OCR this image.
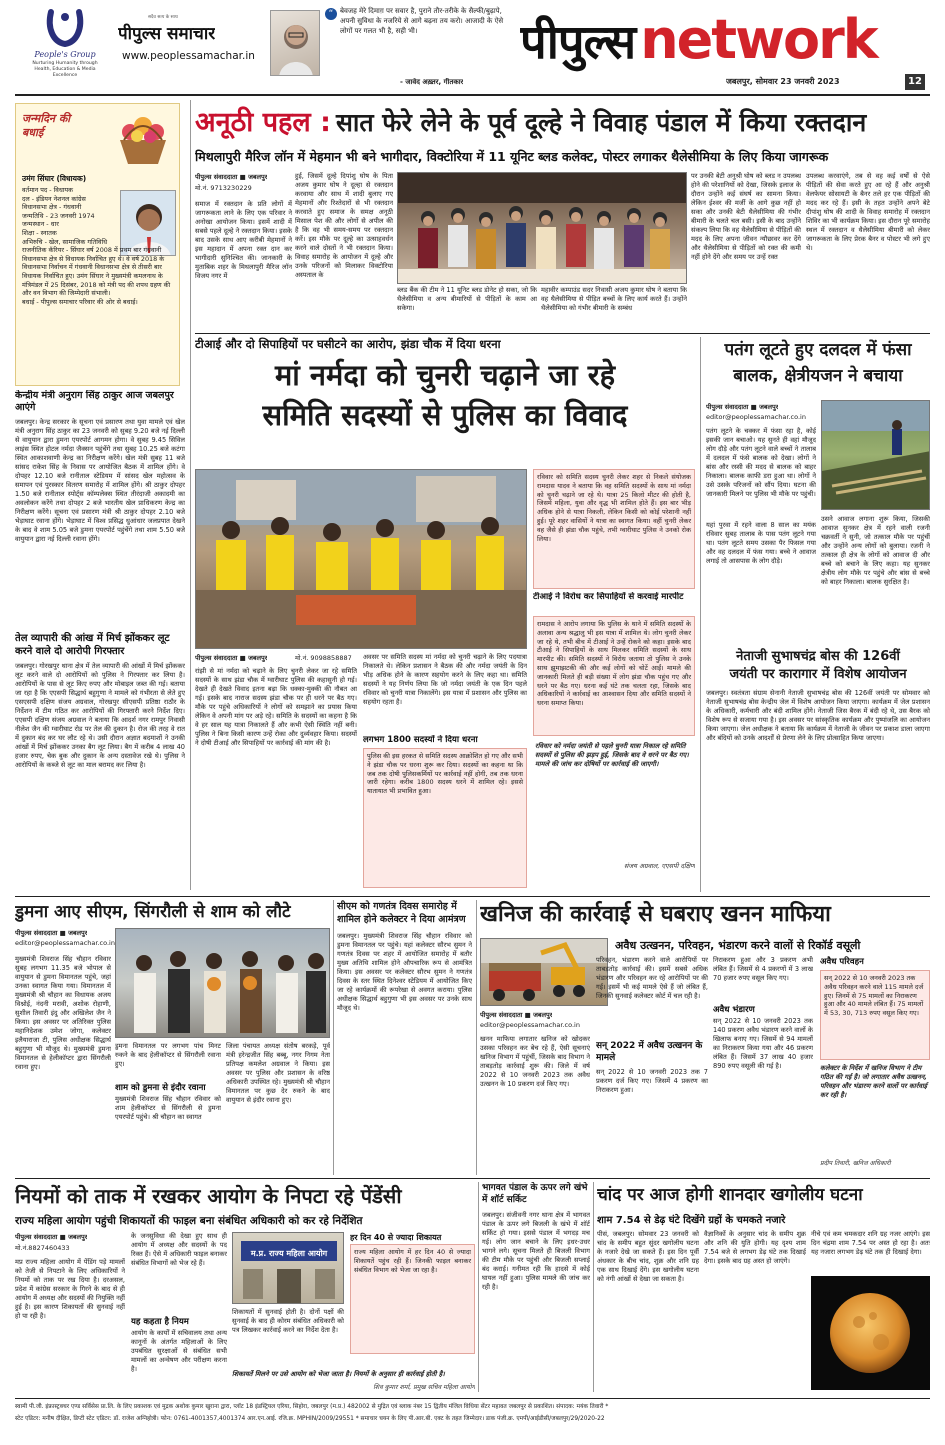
People's Group
Nurturing Humanity through Health, Education & Media Excellence
सदैव सत्य के साथ
पीपुल्स समाचार
www.peoplessamachar.in
“ बेवजह मेरे दिमाग़ पर सवार है, पुराने तौर-तरीके के सैल्फी/बुढ़ापे, अपनी सुविधा के नजरिये से आगे बढ़ना तय करो। आजादी के ऐसे लोगों पर गलत भी है, सही भी।
- जावेद अख़्तर, गीतकार
पीपुल्स network
जबलपुर, सोमवार 23 जनवरी 2023	12
जन्मदिन की बधाई
उमंग सिंघार (विधायक)
वर्तमान पद - विधायक
दल - इंडियन नेशनल कांग्रेस
विधानसभा क्षेत्र - गंधवानी
जन्मतिथि - 23 जनवरी 1974
जन्मस्थान - धार
शिक्षा - स्नातक
अभिरुचि - खेल, सामाजिक गतिविधि
राजनीतिक कॅरियर - सिंघार वर्ष 2008 में प्रथम बार गंधवानी विधानसभा क्षेत्र से विधायक निर्वाचित हुए थे। वे वर्ष 2018 के विधानसभा निर्वाचन में गंधवानी विधानसभा क्षेत्र से तीसरी बार विधायक निर्वाचित हुए। उमंग सिंघार ने मुख्यमंत्री कमलनाथ के मंत्रिमंडल में 25 दिसंबर, 2018 को मंत्री पद की शपथ ग्रहण की और वन विभाग की जिम्मेदारी संभाली।
बधाई - पीपुल्स समाचार परिवार की ओर से बधाई।
केन्द्रीय मंत्री अनुराग सिंह ठाकुर आज जबलपुर आएंगे
जबलपुर। केन्द्र सरकार के सूचना एवं प्रसारण तथा युवा मामले एवं खेल मंत्री अनुराग सिंह ठाकुर का 23 जनवरी को सुबह 9.20 बजे नई दिल्ली से वायुयान द्वारा डुमना एयरपोर्ट आगमन होगा। वे सुबह 9.45 सिविल लाइंस स्थित होटल नर्मदा जैक्सन पहुंचेंगे तथा सुबह 10.25 बजे कटंगा स्थित आकाशवाणी केन्द्र का निरीक्षण करेंगे। खेल मंत्री सुबह 11 बजे सांसद राकेश सिंह के निवास पर आयोजित बैठक में शामिल होंगे। वे दोपहर 12.10 बजे रानीताल स्टेडियम में सांसद खेल महोत्सव के समापन एवं पुरस्कार वितरण समारोह में शामिल होंगे। श्री ठाकुर दोपहर 1.50 बजे रानीताल स्पोर्ट्स कॉम्पलेक्स स्थित तीरंदाजी अकादमी का अवलोकन करेंगे तथा दोपहर 2 बजे भारतीय खेल प्राधिकरण केन्द्र का निरीक्षण करेंगे। सूचना एवं प्रसारण मंत्री श्री ठाकुर दोपहर 2.10 बजे भेड़ाघाट रवाना होंगे। भेड़ाघाट में विश्व प्रसिद्ध धुआंधार जलप्रपात देखने के बाद वे शाम 5.05 बजे डुमना एयरपोर्ट पहुंचेंगे तथा शाम 5.50 बजे वायुयान द्वारा नई दिल्ली रवाना होंगे।
तेल व्यापारी की आंख में मिर्च झोंककर लूट करने वाले दो आरोपी गिरफ्तार
जबलपुर। गोरखपुर थाना क्षेत्र में तेल व्यापारी की आंखों में मिर्च झोंककर लूट करने वाले दो आरोपियों को पुलिस ने गिरफ्तार कर लिया है। आरोपियों के पास से लूट किए रुपए और मोबाइल जब्त की गई। बताया जा रहा है कि एएसपी सिद्धार्थ बहुगुणा ने मामले को गंभीरता से लेते हुए एसएसपी दक्षिण संजय अग्रवाल, गोरखपुर सीएसपी प्रतिष्ठा राठौर के निर्देशन में टीम गठित कर आरोपियों की गिरफ्तारी करने निर्देश दिए। एएसपी दक्षिण संजय अग्रवाल ने बताया कि आदर्श नगर रामपुर निवासी नीलेश जैन की ग्वारीघाट रोड पर तेल की दुकान है। रोज की तरह वे रात में दुकान बंद कर घर लौट रहे थे। उसी दौरान अज्ञात बदमाशों ने उनकी आंखों में मिर्च झोंककर उनका बैग लूट लिया। बैग में करीब 4 लाख 40 हजार रुपए, चेक बुक और दुकान के अन्य दस्तावेज रखे थे। पुलिस ने आरोपियों के कब्जे से लूट का माल बरामद कर लिया है।
अनूठी पहल : सात फेरे लेने के पूर्व दूल्हे ने विवाह पंडाल में किया रक्तदान
मिथलापुरी मैरिज लॉन में मेहमान भी बने भागीदार, विक्टोरिया में 11 यूनिट ब्लड कलेक्ट, पोस्टर लगाकर थैलेसीमिया के लिए किया जागरूक
पीपुल्स संवाददाता ■ जबलपुर
मो.नं. 9713230229
समाज में रक्तदान के प्रति लोगों में जागरूकता लाने के लिए एक परिवार ने अनोखा आयोजन किया। इसमें शादी में सबसे पहले दूल्हे ने रक्तदान किया। इसके बाद उसके साथ आए करीबी मेहमानों ने इस महादान में अपना रक्त दान कर भागीदारी सुनिश्चित की। जानकारी के मुताबिक शहर के मिथलापुरी मैरिज लॉन विजय नगर में
हुई, जिसमें दूल्हे दिपांशु घोष के पिता अजय कुमार घोष ने दूल्हा से रक्तदान करवाया और साथ में शादी बुलाए गए मेहमानों और रिश्तेदारों से भी रक्तदान करवाते हुए समाज के समक्ष अनूठी मिसाल पेश की और लोगों से अपील की है कि वह भी समय-समय पर रक्तदान करें। इस मौके पर दूल्हे का उत्साहवर्धन करने वाले दोस्तों ने भी रक्तदान किया। विवाह समारोह के आयोजन में दूल्हे और उनके परिजनों को मिलाकर विक्टोरिया अस्पताल के
ब्लड बैंक की टीम ने 11 यूनिट ब्लड डोनेट हो सका, जो कि थैलेसीमिया व अन्य बीमारियों से पीड़ितों के काम आ सकेगा।
महावीर कम्पाउंड सदर निवासी अजय कुमार घोष ने बताया कि वह थैलेसीमिया से पीड़ित बच्चों के लिए कार्य करते हैं। उन्होंने थैलेसीमिया को गंभीर बीमारी के सम्बंध
पर उनकी बेटी अनुश्री घोष को ब्लड न उपलब्ध होने की परेशानियों को देखा, जिसके इलाज के दौरान उन्होंने कई संघर्ष का सामना किया। लेकिन ईश्वर की मर्जी के आगे कुछ नहीं हो सका और उनकी बेटी थैलेसीमिया की गंभीर बीमारी के चलते चल बसी। इसी के बाद उन्होंने संकल्प लिया कि वह थैलेसीमिया से पीड़ितों की मदद के लिए अपना जीवन न्यौछावर कर देंगे और थैलेसीमिया से पीड़ितों को रक्त की कमी नहीं होने देंगे और समय पर उन्हें रक्त
उपलब्ध करवाएंगे, तब से वह कई वर्षों से ऐसे पीड़ितों की सेवा करते हुए आ रहे हैं और अनुश्री वेलफेयर सोसायटी के बैनर तले हर एक पीड़ितों की मदद कर रहे हैं। इसी के तहत उन्होंने अपने बेटे दीपांशु घोष की शादी के विवाह समारोह में रक्तदान शिविर का भी कार्यक्रम किया। इस दौरान पूरे समारोह स्थल में रक्तदान व थैलेसीमिया बीमारी को लेकर जागरूकता के लिए प्रेरक बैनर व पोस्टर भी लगे हुए थे।
टीआई और दो सिपाहियों पर घसीटने का आरोप, झंडा चौक में दिया धरना
मां नर्मदा को चुनरी चढ़ाने जा रहे
समिति सदस्यों से पुलिस का विवाद
रविवार को समिति सदस्य चुनरी लेकर शहर से निकले संयोजक रामदास यादव ने बताया कि वह समिति सदस्यों के साथ मां नर्मदा को चुनरी चढ़ाने जा रहे थे। यात्रा 25 किलो मीटर की होती है, जिसमें महिला, युवा और वृद्ध भी शामिल होते हैं। इस बार भीड़ अधिक होने से यात्रा निकली, लेकिन किसी को कोई परेशानी नहीं हुई। पूरे शहर वासियों ने यात्रा का स्वागत किया। वहीं चुनरी लेकर वह जैसे ही झंडा चौक पहुंचे, तभी ग्वारीघाट पुलिस ने उनको रोक लिया।
टीआई ने विरोध कर सिपाहियों से करवाई मारपीट
रामदास ने आरोप लगाया कि पुलिस के थाने में समिति सदस्यों के अलावा अन्य श्रद्धालु भी इस यात्रा में शामिल थे। लोग चुनरी लेकर जा रहे थे, तभी बीच में टीआई ने उन्हें रोकने को कहा। इसके बाद टीआई ने सिपाहियों के साथ मिलकर समिति सदस्यों के साथ मारपीट की। समिति सदस्यों ने विरोध जताया तो पुलिस ने उनके साथ झूमाझटकी की और कई लोगों को चोटें आईं। मामले की जानकारी मिलते ही बड़ी संख्या में लोग झंडा चौक पहुंच गए और धरने पर बैठ गए। धरना कई घंटे तक चलता रहा, जिसके बाद अधिकारियों ने कार्रवाई का आश्वासन दिया और समिति सदस्यों ने धरना समाप्त किया।
पीपुल्स संवाददाता ■ जबलपुर	मो.नं. 9098858887
रांझी से मां नर्मदा को चढ़ाने के लिए चुनरी लेकर जा रहे समिति सदस्यों के साथ झंडा चौक में ग्वारीघाट पुलिस की कहासुनी हो गई। देखते ही देखते विवाद इतना बढ़ा कि धक्का-मुक्की की नौबत आ गई। इसके बाद नाराज सदस्य झंडा चौक पर ही धरने पर बैठ गए। मौके पर पहुंचे अधिकारियों ने लोगों को समझाने का प्रयास किया लेकिन वे अपनी मांग पर अड़े रहे। समिति के सदस्यों का कहना है कि वे हर साल यह यात्रा निकालते हैं और कभी ऐसी स्थिति नहीं बनी। पुलिस ने बिना किसी कारण उन्हें रोका और दुर्व्यवहार किया। सदस्यों ने दोषी टीआई और सिपाहियों पर कार्रवाई की मांग की है।
अवसर पर समिति सदस्य मां नर्मदा को चुनरी चढ़ाने के लिए पदयात्रा निकालते थे। लेकिन प्रशासन ने बैठक की और नर्मदा जयंती के दिन भीड़ अधिक होने के कारण सहयोग करने के लिए कहा था। समिति सदस्यों ने यह निर्णय लिया कि जो नर्मदा जयंती के एक दिन पहले रविवार को चुनरी यात्रा निकालेंगे। इस यात्रा में प्रशासन और पुलिस का सहयोग रहता है।
लगभग 1800 सदस्यों ने दिया धरना
पुलिस की इस हरकत से समिति सदस्य आक्रोशित हो गए और सभी ने झंडा चौक पर धरना शुरू कर दिया। सदस्यों का कहना था कि जब तक दोषी पुलिसकर्मियों पर कार्रवाई नहीं होगी, तब तक धरना जारी रहेगा। करीब 1800 सदस्य धरने में शामिल रहे। इससे यातायात भी प्रभावित हुआ।
रविवार को नर्मदा जयंती से पहले चुनरी यात्रा निकाल रहे समिति सदस्यों से पुलिस की झड़प हुई, जिसके बाद वे धरने पर बैठ गए। मामले की जांच कर दोषियों पर कार्रवाई की जाएगी।
संजय अग्रवाल, एएसपी दक्षिण
पतंग लूटते हुए दलदल में फंसा बालक, क्षेत्रीयजन ने बचाया
पीपुल्स संवाददाता ■ जबलपुर
editor@peoplessamachar.co.in
पतंग लूटने के चक्कर में फंसा रहा है, कोई इसकी जान बचाओ। यह सुनते ही वहां मौजूद लोग दौड़े और पतंग लूटने वाले बच्चों ने तालाब में दलदल में फंसे बालक को देखा। लोगों ने बांस और रस्सी की मदद से बालक को बाहर निकाला। बालक काफी डरा हुआ था। लोगों ने उसे उसके परिजनों को सौंप दिया। घटना की जानकारी मिलने पर पुलिस भी मौके पर पहुंची।
यहां पुरवा में रहने वाला 8 साल का मयंक रविवार सुबह तालाब के पास पतंग लूटने गया था। पतंग लूटते समय उसका पैर फिसल गया और वह दलदल में फंस गया। बच्चे ने आवाज लगाई तो आसपास के लोग दौड़े।
उसने आवाज लगाना शुरू किया, जिसकी आवाज सुनकर क्षेत्र में रहने वाली रजनी चक्रवर्ती ने सुनी, जो तत्काल मौके पर पहुंचीं और उन्होंने अन्य लोगों को बुलाया। रजनी ने तत्काल ही क्षेत्र के लोगों को आवाज दी और बच्चे को बचाने के लिए कहा। यह सुनकर क्षेत्रीय लोग मौके पर पहुंचे और बांस से बच्चे को बाहर निकाला। बालक सुरक्षित है।
नेताजी सुभाषचंद्र बोस की 126वीं
जयंती पर कारागार में विशेष आयोजन
जबलपुर। स्वतंत्रता संग्राम सेनानी नेताजी सुभाषचंद्र बोस की 126वीं जयंती पर सोमवार को नेताजी सुभाषचंद्र बोस केन्द्रीय जेल में विशेष आयोजन किया जाएगा। कार्यक्रम में जेल प्रशासन के अधिकारी, कर्मचारी और बंदी शामिल होंगे। नेताजी जिस बैरक में बंदी रहे थे, उस बैरक को विशेष रूप से सजाया गया है। इस अवसर पर सांस्कृतिक कार्यक्रम और पुष्पांजलि का आयोजन किया जाएगा। जेल अधीक्षक ने बताया कि कार्यक्रम में नेताजी के जीवन पर प्रकाश डाला जाएगा और बंदियों को उनके आदर्शों से प्रेरणा लेने के लिए प्रोत्साहित किया जाएगा।
डुमना आए सीएम, सिंगरौली से शाम को लौटे
पीपुल्स संवाददाता ■ जबलपुर
editor@peoplessamachar.co.in
मुख्यमंत्री शिवराज सिंह चौहान रविवार सुबह लगभग 11.35 बजे भोपाल से वायुयान से डुमना विमानतल पहुंचे, जहां उनका स्वागत किया गया। विमानतल में मुख्यमंत्री श्री चौहान का विधायक अजय विश्नोई, नंदनी मरावी, अशोक रोहाणी, सुशील तिवारी इंदु और अखिलेश जैन ने किया। इस अवसर पर अतिरिक्त पुलिस महानिदेशक उमेश जोगा, कलेक्टर इलैयाराजा टी, पुलिस अधीक्षक सिद्धार्थ बहुगुणा भी मौजूद थे। मुख्यमंत्री डुमना विमानतल से हेलीकॉप्टर द्वारा सिंगरौली रवाना हुए।
डुमना विमानतल पर लगभग पांच मिनट रुकने के बाद हेलीकॉप्टर से सिंगरौली रवाना हुए।
शाम को डुमना से इंदौर रवाना
मुख्यमंत्री शिवराज सिंह चौहान रविवार को शाम हेलीकॉप्टर से सिंगरौली से डुमना एयरपोर्ट पहुंचे। श्री चौहान का स्वागत
जिला पंचायत अध्यक्ष संतोष बरकड़े, पूर्व मंत्री हरेन्द्रजीत सिंह बब्बू, नगर निगम नेता प्रतिपक्ष कमलेश अग्रवाल ने किया। इस अवसर पर पुलिस और प्रशासन के वरिष्ठ अधिकारी उपस्थित रहे। मुख्यमंत्री श्री चौहान विमानतल पर कुछ देर रुकने के बाद वायुयान से इंदौर रवाना हुए।
सीएम को गणतंत्र दिवस समारोह में शामिल होने कलेक्टर ने दिया आमंत्रण
जबलपुर। मुख्यमंत्री शिवराज सिंह चौहान रविवार को डुमना विमानतल पर पहुंचे। यहां कलेक्टर सौरभ सुमन ने गणतंत्र दिवस पर शहर में आयोजित समारोह में बतौर मुख्य अतिथि शामिल होने औपचारिक रूप से आमंत्रित किया। इस अवसर पर कलेक्टर सौरभ सुमन ने गणतंत्र दिवस के स्तर स्थित दिनेश्वर स्टेडियम में आयोजित किए जा रहे कार्यक्रमों की रूपरेखा से अवगत कराया। पुलिस अधीक्षक सिद्धार्थ बहुगुणा भी इस अवसर पर उनके साथ मौजूद थे।
खनिज की कार्रवाई से घबराए खनन माफिया
अवैध उत्खनन, परिवहन, भंडारण करने वालों से रिकॉर्ड वसूली
पीपुल्स संवाददाता ■ जबलपुर
editor@peoplessamachar.co.in
खनन माफिया लगातार खनिज को खोदकर उसका परिवहन कर बेच रहे हैं, ऐसी सूचनाएं खनिज विभाग में पहुंचीं, जिसके बाद विभाग ने ताबड़तोड़ कार्रवाई शुरू की। जिले में वर्ष 2022 से 10 जनवरी 2023 तक अवैध उत्खनन के 10 प्रकरण दर्ज किए गए।
परिवहन, भंडारण करने वाले आरोपियों पर ताबड़तोड़ कार्रवाई की। इसमें सबसे अधिक भंडारण और परिवहन कर रहे आरोपियों पर की गई। इसमें भी कई मामले ऐसे हैं जो लंबित हैं, जिनकी सुनवाई कलेक्टर कोर्ट में चल रही है।
सन् 2022 में अवैध उत्खनन के मामले
सन् 2022 से 10 जनवरी 2023 तक 7 प्रकरण दर्ज किए गए। जिसमें 4 प्रकरण का निराकरण हुआ।
निराकरण हुआ और 3 प्रकरण अभी लंबित हैं। जिसमें से 4 प्रकरणों में 3 लाख 70 हजार रुपए वसूल किए गए।
अवैध भंडारण
सन् 2022 से 10 जनवरी 2023 तक 140 प्रकरण अवैध भंडारण करने वालों के खिलाफ बनाए गए। जिसमें से 94 मामलों का निराकरण किया गया और 46 प्रकरण लंबित हैं। जिसमें 37 लाख 40 हजार 890 रुपए वसूली की गई है।
अवैध परिवहन
सन् 2022 से 10 जनवरी 2023 तक अवैध परिवहन करने वाले 115 मामले दर्ज हुए। जिनमें से 75 मामलों का निराकरण हुआ और 40 मामले लंबित हैं। 75 मामलों में 53, 30, 713 रुपए वसूल किए गए।
कलेक्टर के निर्देश में खनिज विभाग ने टीम गठित की गई है। जो लगातार अवैध उत्खनन, परिवहन और भंडारण करने वालों पर कार्रवाई कर रही है।
प्रदीप तिवारी, खनिज अधिकारी
नियमों को ताक में रखकर आयोग के निपटा रहे पेंडेंसी
राज्य महिला आयोग पहुंची शिकायतों की फाइल बना संबंधित अधिकारी को कर रहे निर्देशित
पीपुल्स संवाददाता ■ जबलपुर
मो.नं.8827460433
मप्र राज्य महिला आयोग में पेंडिंग पड़े मामलों को तेजी से निपटाने के लिए अधिकारियों ने नियमों को ताक पर रख दिया है। दरअसल, प्रदेश में कांग्रेस सरकार के गिरने के बाद से ही आयोग में अध्यक्ष और सदस्यों की नियुक्ति नहीं हुई है। इस कारण शिकायतों की सुनवाई नहीं हो पा रही है।
के जनसुविधा की देखा हुए साथ ही आयोग में अध्यक्ष और सदस्यों के पद रिक्त हैं। ऐसे में अधिकारी फाइल बनाकर संबंधित विभागों को भेज रहे हैं।
यह कहता है नियम
आयोग के कार्यों में सचिवालय तथा अन्य कानूनों के अंतर्गत महिलाओं के लिए उपबंधित सुरक्षाओं से संबंधित सभी मामलों का अन्वेषण और परीक्षण करना है।
म.प्र. राज्य महिला आयोग
शिकायतों में सुनवाई होती है। दोनों पक्षों की सुनवाई के बाद ही कोरम संबंधित अधिकारी को पत्र लिखकर कार्रवाई करने का निर्देश देता है।
हर दिन 40 से ज्यादा शिकायत
राज्य महिला आयोग में हर दिन 40 से ज्यादा शिकायतें पहुंच रही हैं। जिनकी फाइल बनाकर संबंधित विभाग को भेजा जा रहा है।
शिकायतें मिलने पर उसे आयोग को भेजा जाता है। नियमों के अनुसार ही कार्रवाई होती है।
शिव कुमार शर्मा, प्रमुख सचिव महिला आयोग
भागवत पंडाल के ऊपर लगे खंभे में शॉर्ट सर्किट
जबलपुर। संजीवनी नगर थाना क्षेत्र में भागवत पंडाल के ऊपर लगे बिजली के खंभे में शॉर्ट सर्किट हो गया। इससे पंडाल में भगदड़ मच गई। लोग जान बचाने के लिए इधर-उधर भागने लगे। सूचना मिलते ही बिजली विभाग की टीम मौके पर पहुंची और बिजली सप्लाई बंद कराई। गनीमत रही कि हादसे में कोई घायल नहीं हुआ। पुलिस मामले की जांच कर रही है।
चांद पर आज होगी शानदार खगोलीय घटना
शाम 7.54 से डेढ़ घंटे दिखेंगे ग्रहों के चमकते नजारे
पीसं, जबलपुर। सोमवार 23 जनवरी को चांद के समीप बहुत सुंदर खगोलीय घटना के नजारे देखे जा सकते हैं। इस दिन पूर्वी अंधकार के बीच चांद, शुक्र और शनि ग्रह एक साथ दिखाई देंगे। इस खगोलीय घटना को नंगी आंखों से देखा जा सकता है।
वैज्ञानिकों के अनुसार चांद के समीप शुक्र और शनि की युति होगी। यह दृश्य शाम 7.54 बजे से लगभग डेढ़ घंटे तक दिखाई देगा। इसके बाद ग्रह अस्त हो जाएंगे।
नीचे एवं कम चमकदार शनि ग्रह नजर आएंगे। इस दिन चंद्रमा शाम 7.54 पर अस्त हो रहा है। अतः यह नजारा लगभग डेढ़ घंटे तक ही दिखाई देगा।
स्वामी पी.जी. इंफ्रास्ट्रक्चर एण्ड सर्विसेस प्रा.लि. के लिए प्रकाशक एवं मुद्रक अशोक कुमार खुराना द्वारा, प्लॉट 18 इंडस्ट्रियल एरिया, सिहोरा, जबलपुर (म.प्र.) 482002 से मुद्रित एवं ब्लाक नंबर 15 द्वितीय मंजिल विधिया सेंटर महावत जबलपुर से प्रकाशित। संपादक: मयंक तिवारी *
स्टेट एडिटर: मनीष दीक्षित, डिप्टी स्टेट एडिटर: डॉ. राजेश अग्निहोत्री। फोन: 0761-4001357,4001374 आर.एन.आई. रजि.क्र. MPHIN/2009/29551 * समाचार चयन के लिए पी.आर.बी. एक्ट के तहत जिम्मेदार। डाक पंजी.क्र. एमपी/आईडीसी/जबलपुर/29/2020-22
